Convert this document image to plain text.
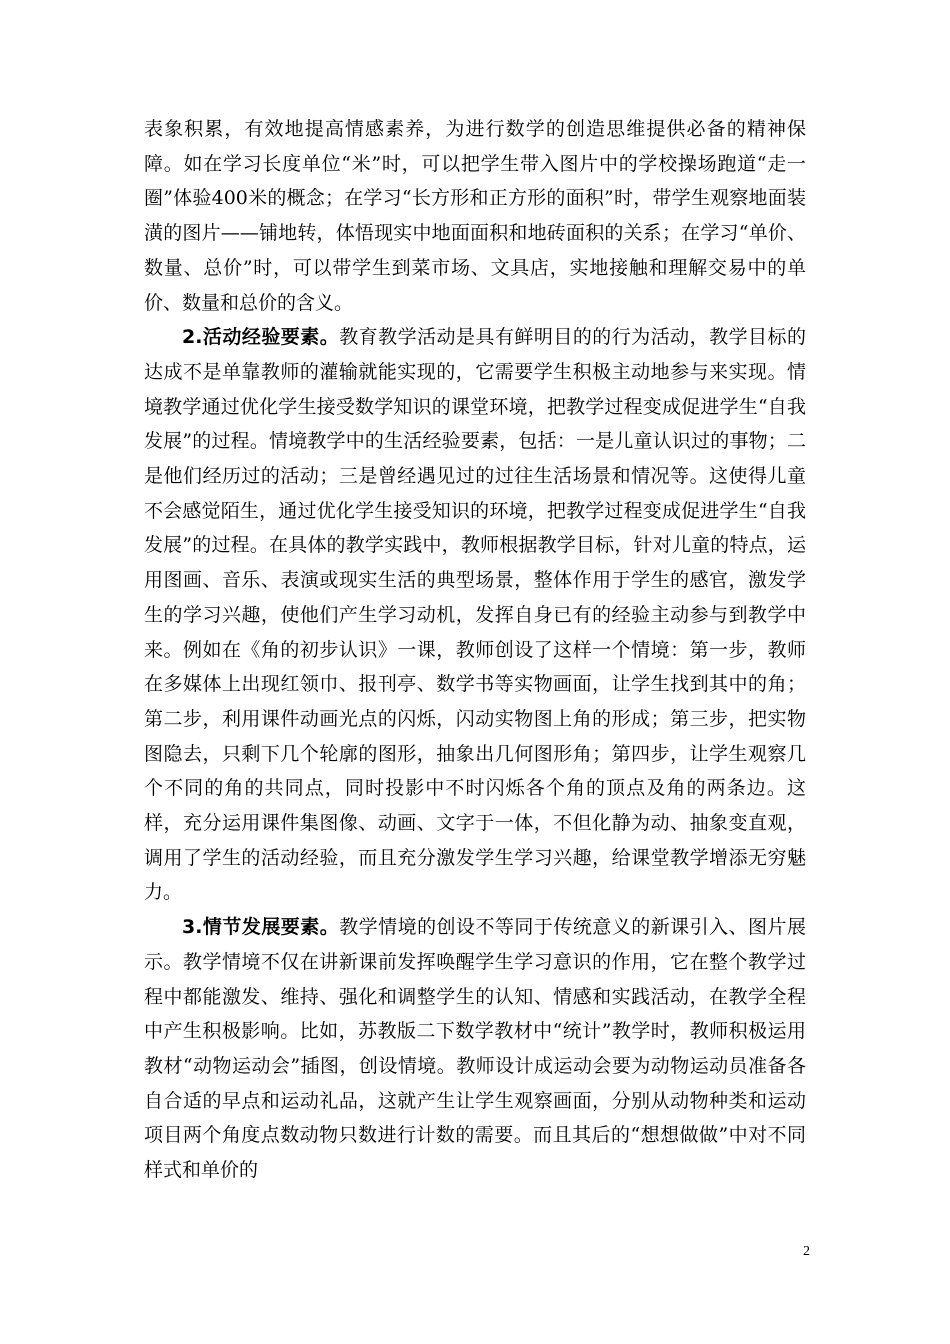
表象积累，有效地提高情感素养，为进行数学的创造思维提供必备的精神保障。如在学习长度单位“米”时，可以把学生带入图片中的学校操场跑道“走一圈”体验400米的概念；在学习“长方形和正方形的面积”时，带学生观察地面装潢的图片——铺地转，体悟现实中地面面积和地砖面积的关系；在学习“单价、数量、总价”时，可以带学生到菜市场、文具店，实地接触和理解交易中的单价、数量和总价的含义。

2.活动经验要素。教育教学活动是具有鲜明目的的行为活动，教学目标的达成不是单靠教师的灌输就能实现的，它需要学生积极主动地参与来实现。情境教学通过优化学生接受数学知识的课堂环境，把教学过程变成促进学生“自我发展”的过程。情境教学中的生活经验要素，包括：一是儿童认识过的事物；二是他们经历过的活动；三是曾经遇见过的过往生活场景和情况等。这使得儿童不会感觉陌生，通过优化学生接受知识的环境，把教学过程变成促进学生“自我发展”的过程。在具体的教学实践中，教师根据教学目标，针对儿童的特点，运用图画、音乐、表演或现实生活的典型场景，整体作用于学生的感官，激发学生的学习兴趣，使他们产生学习动机，发挥自身已有的经验主动参与到教学中来。例如在《角的初步认识》一课，教师创设了这样一个情境：第一步，教师在多媒体上出现红领巾、报刊亭、数学书等实物画面，让学生找到其中的角；第二步，利用课件动画光点的闪烁，闪动实物图上角的形成；第三步，把实物图隐去，只剩下几个轮廓的图形，抽象出几何图形角；第四步，让学生观察几个不同的角的共同点，同时投影中不时闪烁各个角的顶点及角的两条边。这样，充分运用课件集图像、动画、文字于一体，不但化静为动、抽象变直观，调用了学生的活动经验，而且充分激发学生学习兴趣，给课堂教学增添无穷魅力。

3.情节发展要素。教学情境的创设不等同于传统意义的新课引入、图片展示。教学情境不仅在讲新课前发挥唤醒学生学习意识的作用，它在整个教学过程中都能激发、维持、强化和调整学生的认知、情感和实践活动，在教学全程中产生积极影响。比如，苏教版二下数学教材中“统计”教学时，教师积极运用教材“动物运动会”插图，创设情境。教师设计成运动会要为动物运动员准备各自合适的早点和运动礼品，这就产生让学生观察画面，分别从动物种类和运动项目两个角度点数动物只数进行计数的需要。而且其后的“想想做做”中对不同样式和单价的

2
